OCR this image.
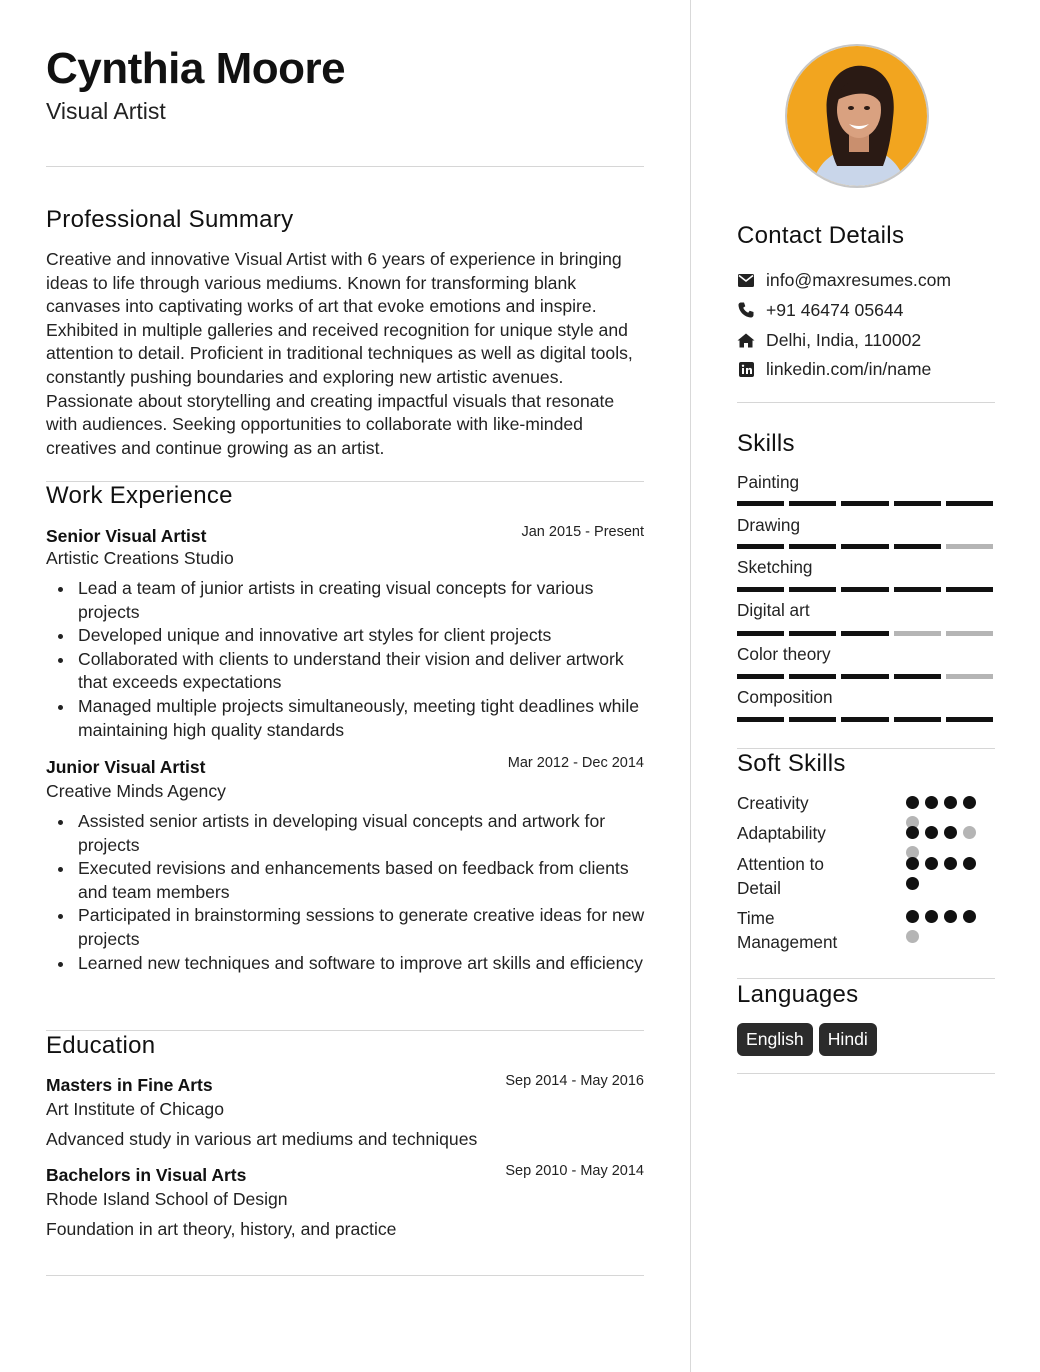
Cynthia Moore
Visual Artist
Professional Summary
Creative and innovative Visual Artist with 6 years of experience in bringing ideas to life through various mediums. Known for transforming blank canvases into captivating works of art that evoke emotions and inspire. Exhibited in multiple galleries and received recognition for unique style and attention to detail. Proficient in traditional techniques as well as digital tools, constantly pushing boundaries and exploring new artistic avenues. Passionate about storytelling and creating impactful visuals that resonate with audiences. Seeking opportunities to collaborate with like-minded creatives and continue growing as an artist.
Work Experience
Senior Visual Artist	Jan 2015 - Present
Artistic Creations Studio
Lead a team of junior artists in creating visual concepts for various projects
Developed unique and innovative art styles for client projects
Collaborated with clients to understand their vision and deliver artwork that exceeds expectations
Managed multiple projects simultaneously, meeting tight deadlines while maintaining high quality standards
Junior Visual Artist	Mar 2012 - Dec 2014
Creative Minds Agency
Assisted senior artists in developing visual concepts and artwork for projects
Executed revisions and enhancements based on feedback from clients and team members
Participated in brainstorming sessions to generate creative ideas for new projects
Learned new techniques and software to improve art skills and efficiency
Education
Masters in Fine Arts	Sep 2014 - May 2016
Art Institute of Chicago
Advanced study in various art mediums and techniques
Bachelors in Visual Arts	Sep 2010 - May 2014
Rhode Island School of Design
Foundation in art theory, history, and practice
Contact Details
info@maxresumes.com
+91 46474 05644
Delhi, India, 110002
linkedin.com/in/name
Skills
Painting
Drawing
Sketching
Digital art
Color theory
Composition
Soft Skills
Creativity
Adaptability
Attention to Detail
Time Management
Languages
English	Hindi
